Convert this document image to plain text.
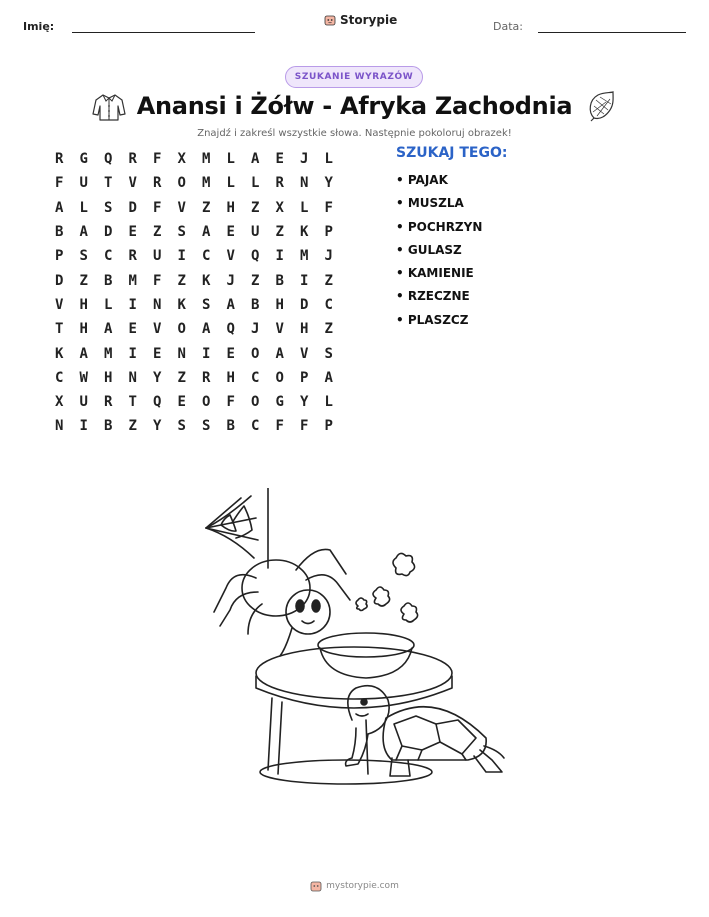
Imię:	Storypie	Data:
SZUKANIE WYRAZÓW
Anansi i Żółw - Afryka Zachodnia
Znajdź i zakreśl wszystkie słowa. Następnie pokoloruj obrazek!
R	G	Q	R	F	X	M	L	A	E	J	L
F	U	T	V	R	O	M	L	L	R	N	Y
A	L	S	D	F	V	Z	H	Z	X	L	F
B	A	D	E	Z	S	A	E	U	Z	K	P
P	S	C	R	U	I	C	V	Q	I	M	J
D	Z	B	M	F	Z	K	J	Z	B	I	Z
V	H	L	I	N	K	S	A	B	H	D	C
T	H	A	E	V	O	A	Q	J	V	H	Z
K	A	M	I	E	N	I	E	O	A	V	S
C	W	H	N	Y	Z	R	H	C	O	P	A
X	U	R	T	Q	E	O	F	O	G	Y	L
N	I	B	Z	Y	S	S	B	C	F	F	P
SZUKAJ TEGO:
• PAJAK
• MUSZLA
• POCHRZYN
• GULASZ
• KAMIENIE
• RZECZNE
• PLASZCZ
mystorypie.com
